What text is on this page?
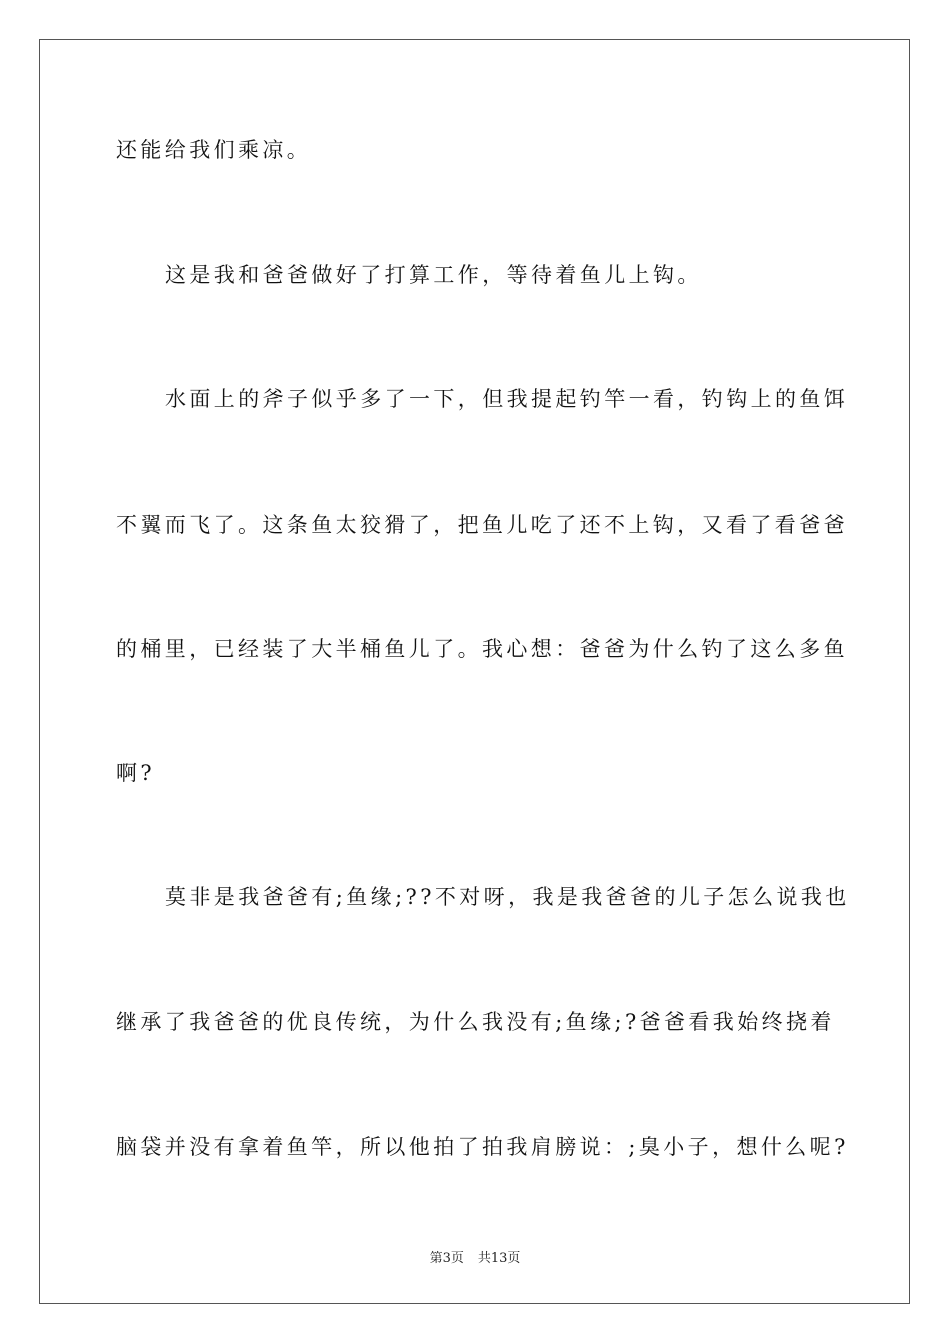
还能给我们乘凉。
这是我和爸爸做好了打算工作，等待着鱼儿上钩。
水面上的斧子似乎多了一下，但我提起钓竿一看，钓钩上的鱼饵
不翼而飞了。这条鱼太狡猾了，把鱼儿吃了还不上钩，又看了看爸爸
的桶里，已经装了大半桶鱼儿了。我心想：爸爸为什么钓了这么多鱼
啊?
莫非是我爸爸有;鱼缘;??不对呀，我是我爸爸的儿子怎么说我也
继承了我爸爸的优良传统，为什么我没有;鱼缘;?爸爸看我始终挠着
脑袋并没有拿着鱼竿，所以他拍了拍我肩膀说：;臭小子，想什么呢?
第3页 共13页
